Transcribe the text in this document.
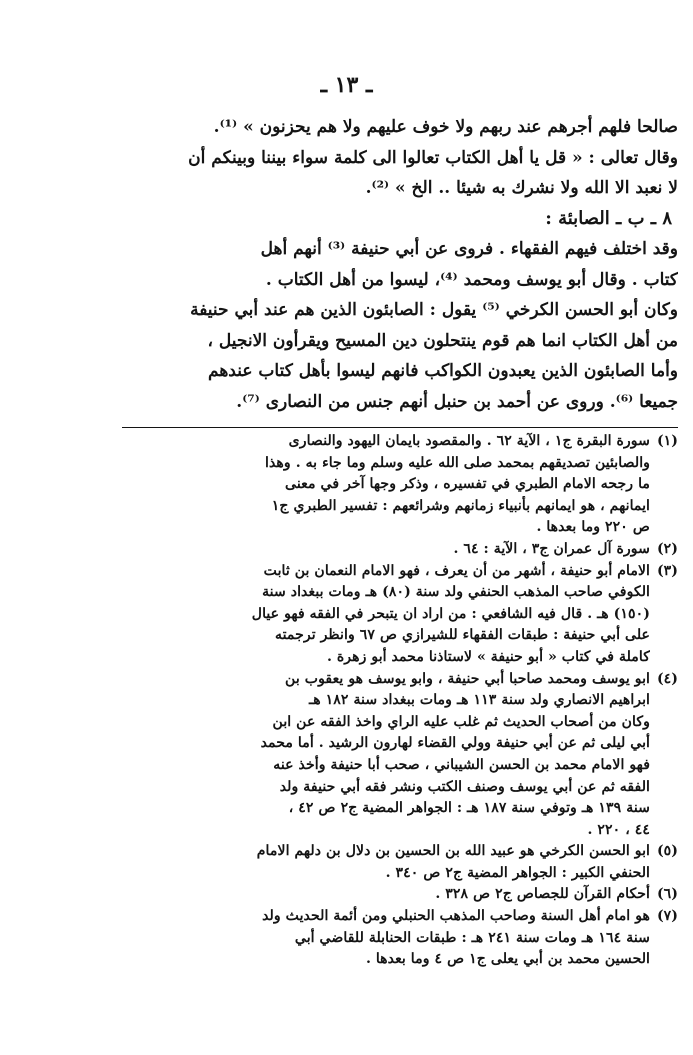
ـ ١٣ ـ
صالحا فلهم أجرهم عند ربهم ولا خوف عليهم ولا هم يحزنون » ⁽¹⁾.
وقال تعالى : « قل يا أهل الكتاب تعالوا الى كلمة سواء بيننا وبينكم أن
لا نعبد الا الله ولا نشرك به شيئا .. الخ » ⁽²⁾.
٨ ـ ب ـ الصابئة :
وقد اختلف فيهم الفقهاء . فروى عن أبي حنيفة ⁽³⁾ أنهم أهل
كتاب . وقال أبو يوسف ومحمد ⁽⁴⁾، ليسوا من أهل الكتاب .
وكان أبو الحسن الكرخي ⁽⁵⁾ يقول : الصابئون الذين هم عند أبي حنيفة
من أهل الكتاب انما هم قوم ينتحلون دين المسيح ويقرأون الانجيل ،
وأما الصابئون الذين يعبدون الكواكب فانهم ليسوا بأهل كتاب عندهم
جميعا ⁽⁶⁾. وروى عن أحمد بن حنبل أنهم جنس من النصارى ⁽⁷⁾.
(١)
سورة البقرة ج١ ، الآية ٦٢ . والمقصود بايمان اليهود والنصارى
والصابئين تصديقهم بمحمد صلى الله عليه وسلم وما جاء به . وهذا
ما رجحه الامام الطبري في تفسيره ، وذكر وجها آخر في معنى
ايمانهم ، هو ايمانهم بأنبياء زمانهم وشرائعهم : تفسير الطبري ج١
ص ٢٢٠ وما بعدها .
(٢)
سورة آل عمران ج٣ ، الآية : ٦٤ .
(٣)
الامام أبو حنيفة ، أشهر من أن يعرف ، فهو الامام النعمان بن ثابت
الكوفي صاحب المذهب الحنفي ولد سنة (٨٠) هـ ومات ببغداد سنة
(١٥٠) هـ . قال فيه الشافعي : من اراد ان يتبحر في الفقه فهو عيال
على أبي حنيفة : طبقات الفقهاء للشيرازي ص ٦٧ وانظر ترجمته
كاملة في كتاب « أبو حنيفة » لاستاذنا محمد أبو زهرة .
(٤)
ابو يوسف ومحمد صاحبا أبي حنيفة ، وابو يوسف هو يعقوب بن
ابراهيم الانصاري ولد سنة ١١٣ هـ ومات ببغداد سنة ١٨٢ هـ
وكان من أصحاب الحديث ثم غلب عليه الراي واخذ الفقه عن ابن
أبي ليلى ثم عن أبي حنيفة وولي القضاء لهارون الرشيد . أما محمد
فهو الامام محمد بن الحسن الشيباني ، صحب أبا حنيفة وأخذ عنه
الفقه ثم عن أبي يوسف وصنف الكتب ونشر فقه أبي حنيفة ولد
سنة ١٣٩ هـ وتوفي سنة ١٨٧ هـ : الجواهر المضية ج٢ ص ٤٢ ،
٤٤ ، ٢٢٠ .
(٥)
ابو الحسن الكرخي هو عبيد الله بن الحسين بن دلال بن دلهم الامام
الحنفي الكبير : الجواهر المضية ج٢ ص ٣٤٠ .
(٦)
أحكام القرآن للجصاص ج٢ ص ٣٢٨ .
(٧)
هو امام أهل السنة وصاحب المذهب الحنبلي ومن أئمة الحديث ولد
سنة ١٦٤ هـ ومات سنة ٢٤١ هـ : طبقات الحنابلة للقاضي أبي
الحسين محمد بن أبي يعلى ج١ ص ٤ وما بعدها .
